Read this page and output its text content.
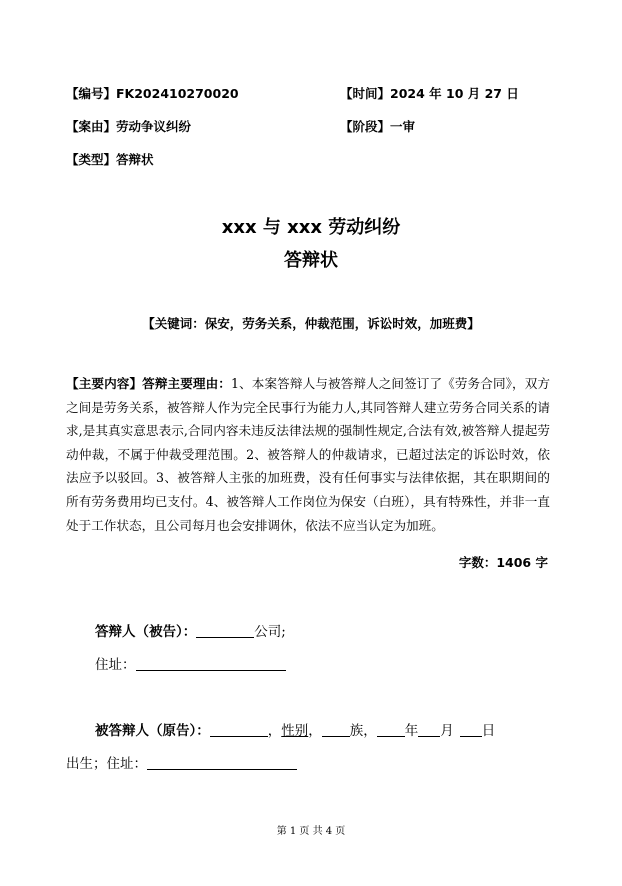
【编号】FK202410270020	【时间】2024 年 10 月 27 日
【案由】劳动争议纠纷	【阶段】一审
【类型】答辩状
xxx 与 xxx 劳动纠纷
答辩状
【关键词：保安，劳务关系，仲裁范围，诉讼时效，加班费】
【主要内容】答辩主要理由：1、本案答辩人与被答辩人之间签订了《劳务合同》，双方之间是劳务关系，被答辩人作为完全民事行为能力人,其同答辩人建立劳务合同关系的请求,是其真实意思表示,合同内容未违反法律法规的强制性规定,合法有效,被答辩人提起劳动仲裁，不属于仲裁受理范围。2、被答辩人的仲裁请求，已超过法定的诉讼时效，依法应予以驳回。3、被答辩人主张的加班费，没有任何事实与法律依据，其在职期间的所有劳务费用均已支付。4、被答辩人工作岗位为保安（白班），具有特殊性，并非一直处于工作状态，且公司每月也会安排调休，依法不应当认定为加班。
字数：1406 字
答辩人（被告）：	公司;
住址：
被答辩人（原告）：	，性别， 族， 年 月 日
出生；住址：
第 1 页 共 4 页
